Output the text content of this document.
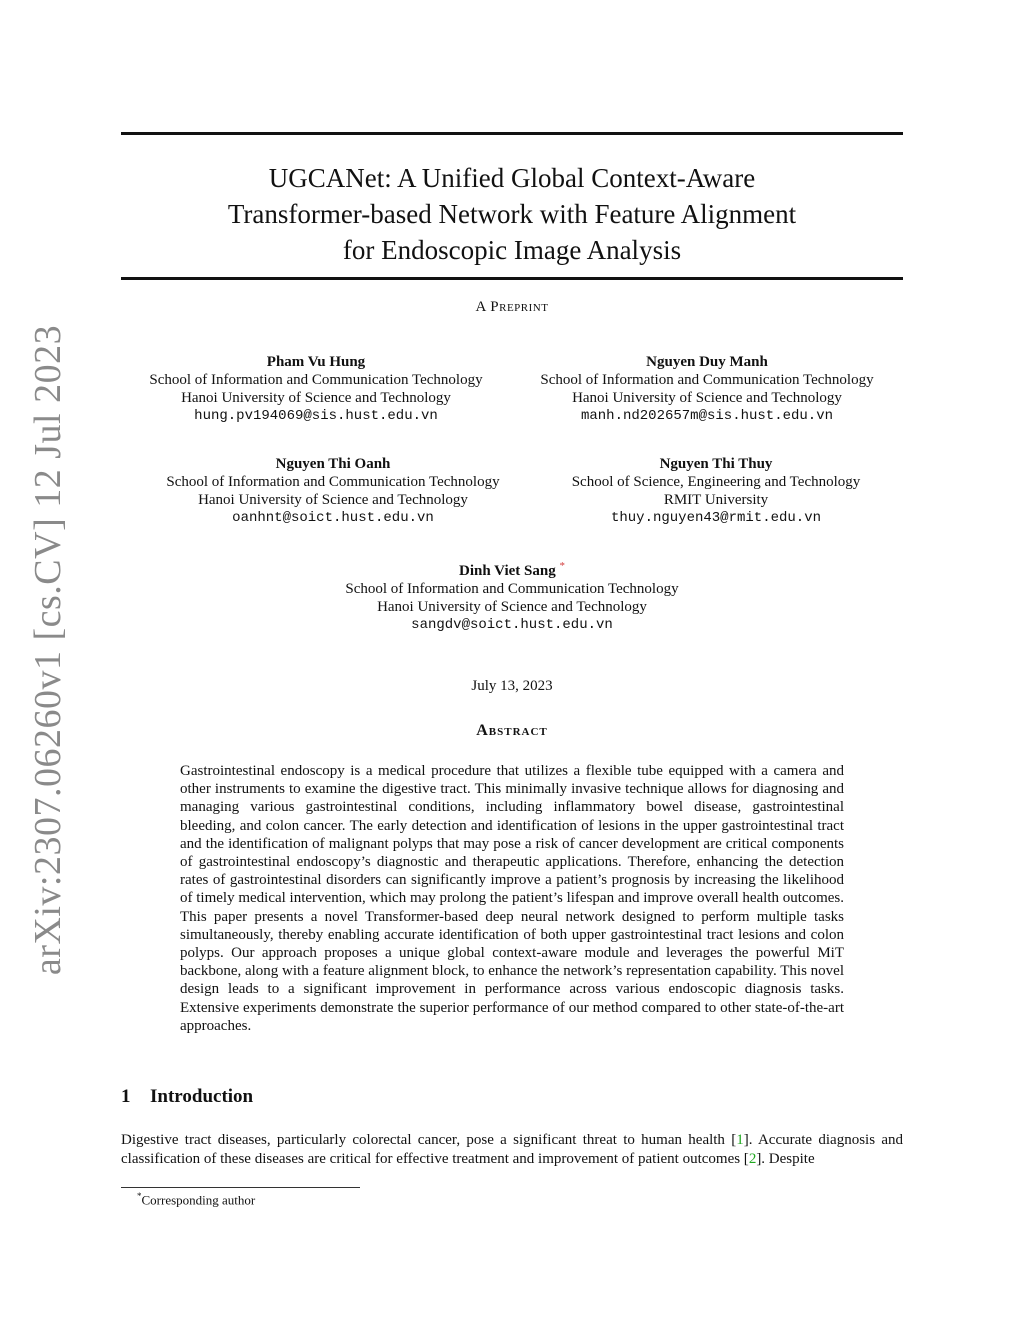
arXiv:2307.06260v1 [cs.CV] 12 Jul 2023
UGCANet: A Unified Global Context-Aware
Transformer-based Network with Feature Alignment
for Endoscopic Image Analysis
A Preprint
Pham Vu Hung
School of Information and Communication Technology
Hanoi University of Science and Technology
hung.pv194069@sis.hust.edu.vn
Nguyen Duy Manh
School of Information and Communication Technology
Hanoi University of Science and Technology
manh.nd202657m@sis.hust.edu.vn
Nguyen Thi Oanh
School of Information and Communication Technology
Hanoi University of Science and Technology
oanhnt@soict.hust.edu.vn
Nguyen Thi Thuy
School of Science, Engineering and Technology
RMIT University
thuy.nguyen43@rmit.edu.vn
Dinh Viet Sang *
School of Information and Communication Technology
Hanoi University of Science and Technology
sangdv@soict.hust.edu.vn
July 13, 2023
Abstract

Gastrointestinal endoscopy is a medical procedure that utilizes a flexible tube equipped with a camera and other instruments to examine the digestive tract. This minimally invasive technique allows for diagnosing and managing various gastrointestinal conditions, including inflammatory bowel disease, gastrointestinal bleeding, and colon cancer. The early detection and identification of lesions in the upper gastrointestinal tract and the identification of malignant polyps that may pose a risk of cancer development are critical components of gastrointestinal endoscopy’s diagnostic and therapeutic applications. Therefore, enhancing the detection rates of gastrointestinal disorders can significantly improve a patient’s prognosis by increasing the likelihood of timely medical intervention, which may prolong the patient’s lifespan and improve overall health outcomes. This paper presents a novel Transformer-based deep neural network designed to perform multiple tasks simultaneously, thereby enabling accurate identification of both upper gastrointestinal tract lesions and colon polyps. Our approach proposes a unique global context-aware module and leverages the powerful MiT backbone, along with a feature alignment block, to enhance the network’s representation capability. This novel design leads to a significant improvement in performance across various endoscopic diagnosis tasks. Extensive experiments demonstrate the superior performance of our method compared to other state-of-the-art approaches.

1 Introduction

Digestive tract diseases, particularly colorectal cancer, pose a significant threat to human health [1]. Accurate diagnosis and classification of these diseases are critical for effective treatment and improvement of patient outcomes [2]. Despite

*Corresponding author
